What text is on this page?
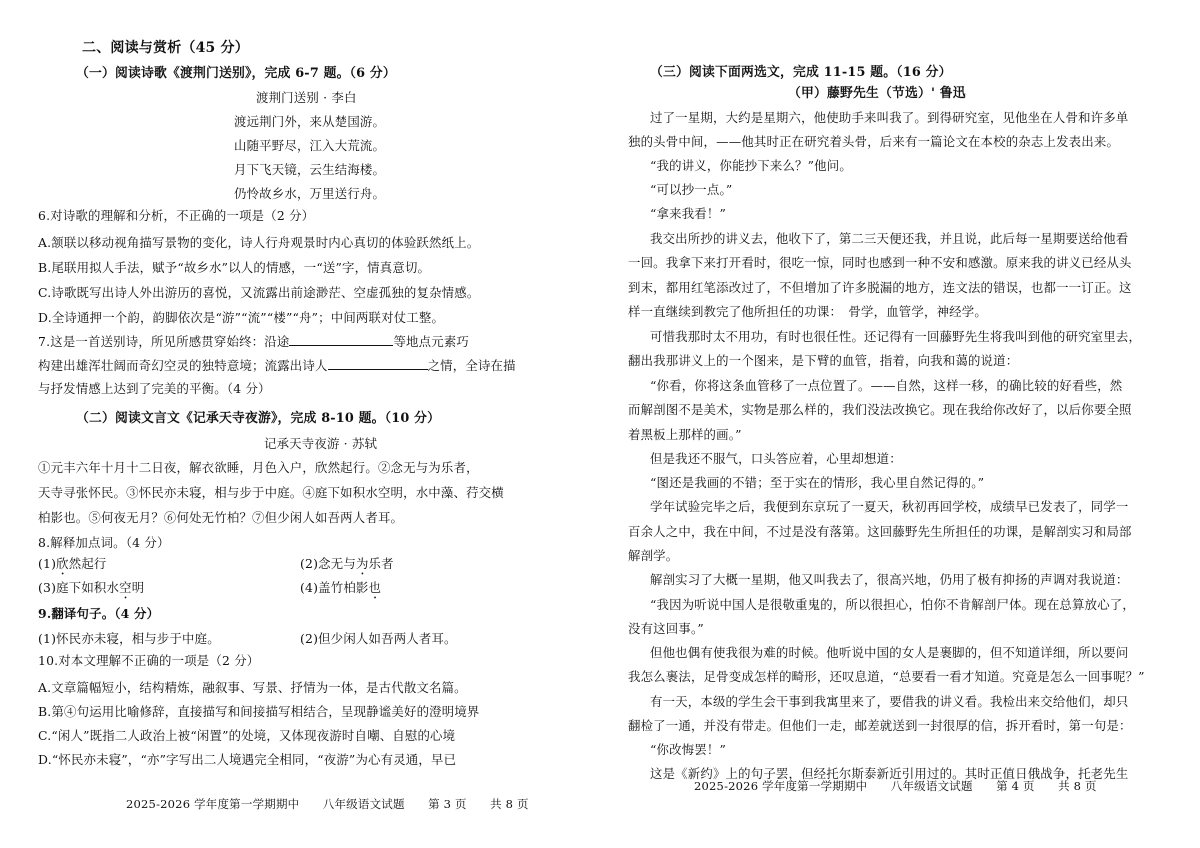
二、阅读与赏析（45 分）
（一）阅读诗歌《渡荆门送别》，完成 6-7 题。（6 分）
渡荆门送别 · 李白
渡远荆门外，来从楚国游。
山随平野尽，江入大荒流。
月下飞天镜，云生结海楼。
仍怜故乡水，万里送行舟。
6.对诗歌的理解和分析，不正确的一项是（2 分）
A.颔联以移动视角描写景物的变化，诗人行舟观景时内心真切的体验跃然纸上。
B.尾联用拟人手法，赋予“故乡水”以人的情感，一“送”字，情真意切。
C.诗歌既写出诗人外出游历的喜悦，又流露出前途渺茫、空虚孤独的复杂情感。
D.全诗通押一个韵，韵脚依次是“游”“流”“楼”“舟”；中间两联对仗工整。
7.这是一首送别诗，所见所感贯穿始终：沿途	等地点元素巧
构建出雄浑壮阔而奇幻空灵的独特意境；流露出诗人	之情，全诗在描
与抒发情感上达到了完美的平衡。（4 分）
（二）阅读文言文《记承天寺夜游》，完成 8-10 题。（10 分）
记承天寺夜游 · 苏轼
①元丰六年十月十二日夜，解衣欲睡，月色入户，欣然起行。②念无与为乐者，
天寺寻张怀民。③怀民亦未寝，相与步于中庭。④庭下如积水空明，水中藻、荇交横
柏影也。⑤何夜无月？⑥何处无竹柏？⑦但少闲人如吾两人者耳。
8.解释加点词。（4 分）
(1)欣然起行	(2)念无与为乐者
(3)庭下如积水空明	(4)盖竹柏影也
9.翻译句子。（4 分）
(1)怀民亦未寝，相与步于中庭。	(2)但少闲人如吾两人者耳。
10.对本文理解不正确的一项是（2 分）
A.文章篇幅短小，结构精炼，融叙事、写景、抒情为一体，是古代散文名篇。
B.第④句运用比喻修辞，直接描写和间接描写相结合，呈现静谧美好的澄明境界
C.“闲人”既指二人政治上被“闲置”的处境，又体现夜游时自嘲、自慰的心境
D.“怀民亦未寝”，“亦”字写出二人境遇完全相同，“夜游”为心有灵通，早已
2025-2026 学年度第一学期期中　　八年级语文试题　　第 3 页　　共 8 页
（三）阅读下面两选文，完成 11-15 题。（16 分）
（甲）藤野先生（节选）' 鲁迅
过了一星期，大约是星期六，他使助手来叫我了。到得研究室，见他坐在人骨和许多单
独的头骨中间，——他其时正在研究着头骨，后来有一篇论文在本校的杂志上发表出来。
“我的讲义，你能抄下来么？”他问。
“可以抄一点。”
“拿来我看！”
我交出所抄的讲义去，他收下了，第二三天便还我，并且说，此后每一星期要送给他看
一回。我拿下来打开看时，很吃一惊，同时也感到一种不安和感激。原来我的讲义已经从头
到末，都用红笔添改过了，不但增加了许多脱漏的地方，连文法的错误，也都一一订正。这
样一直继续到教完了他所担任的功课：　骨学，血管学，神经学。
可惜我那时太不用功，有时也很任性。还记得有一回藤野先生将我叫到他的研究室里去，
翻出我那讲义上的一个图来，是下臂的血管，指着，向我和蔼的说道：
“你看，你将这条血管移了一点位置了。——自然，这样一移，的确比较的好看些，然
而解剖图不是美术，实物是那么样的，我们没法改换它。现在我给你改好了，以后你要全照
着黑板上那样的画。”
但是我还不服气，口头答应着，心里却想道：
“图还是我画的不错；至于实在的情形，我心里自然记得的。”
学年试验完毕之后，我便到东京玩了一夏天，秋初再回学校，成绩早已发表了，同学一
百余人之中，我在中间，不过是没有落第。这回藤野先生所担任的功课，是解剖实习和局部
解剖学。
解剖实习了大概一星期，他又叫我去了，很高兴地，仍用了极有抑扬的声调对我说道：
“我因为听说中国人是很敬重鬼的，所以很担心，怕你不肯解剖尸体。现在总算放心了，
没有这回事。”
但他也偶有使我很为难的时候。他听说中国的女人是裹脚的，但不知道详细，所以要问
我怎么裹法，足骨变成怎样的畸形，还叹息道，“总要看一看才知道。究竟是怎么一回事呢？”
有一天，本级的学生会干事到我寓里来了，要借我的讲义看。我检出来交给他们，却只
翻检了一通，并没有带走。但他们一走，邮差就送到一封很厚的信，拆开看时，第一句是：
“你改悔罢！”
这是《新约》上的句子罢，但经托尔斯泰新近引用过的。其时正值日俄战争，托老先生
2025-2026 学年度第一学期期中　　八年级语文试题　　第 4 页　　共 8 页
